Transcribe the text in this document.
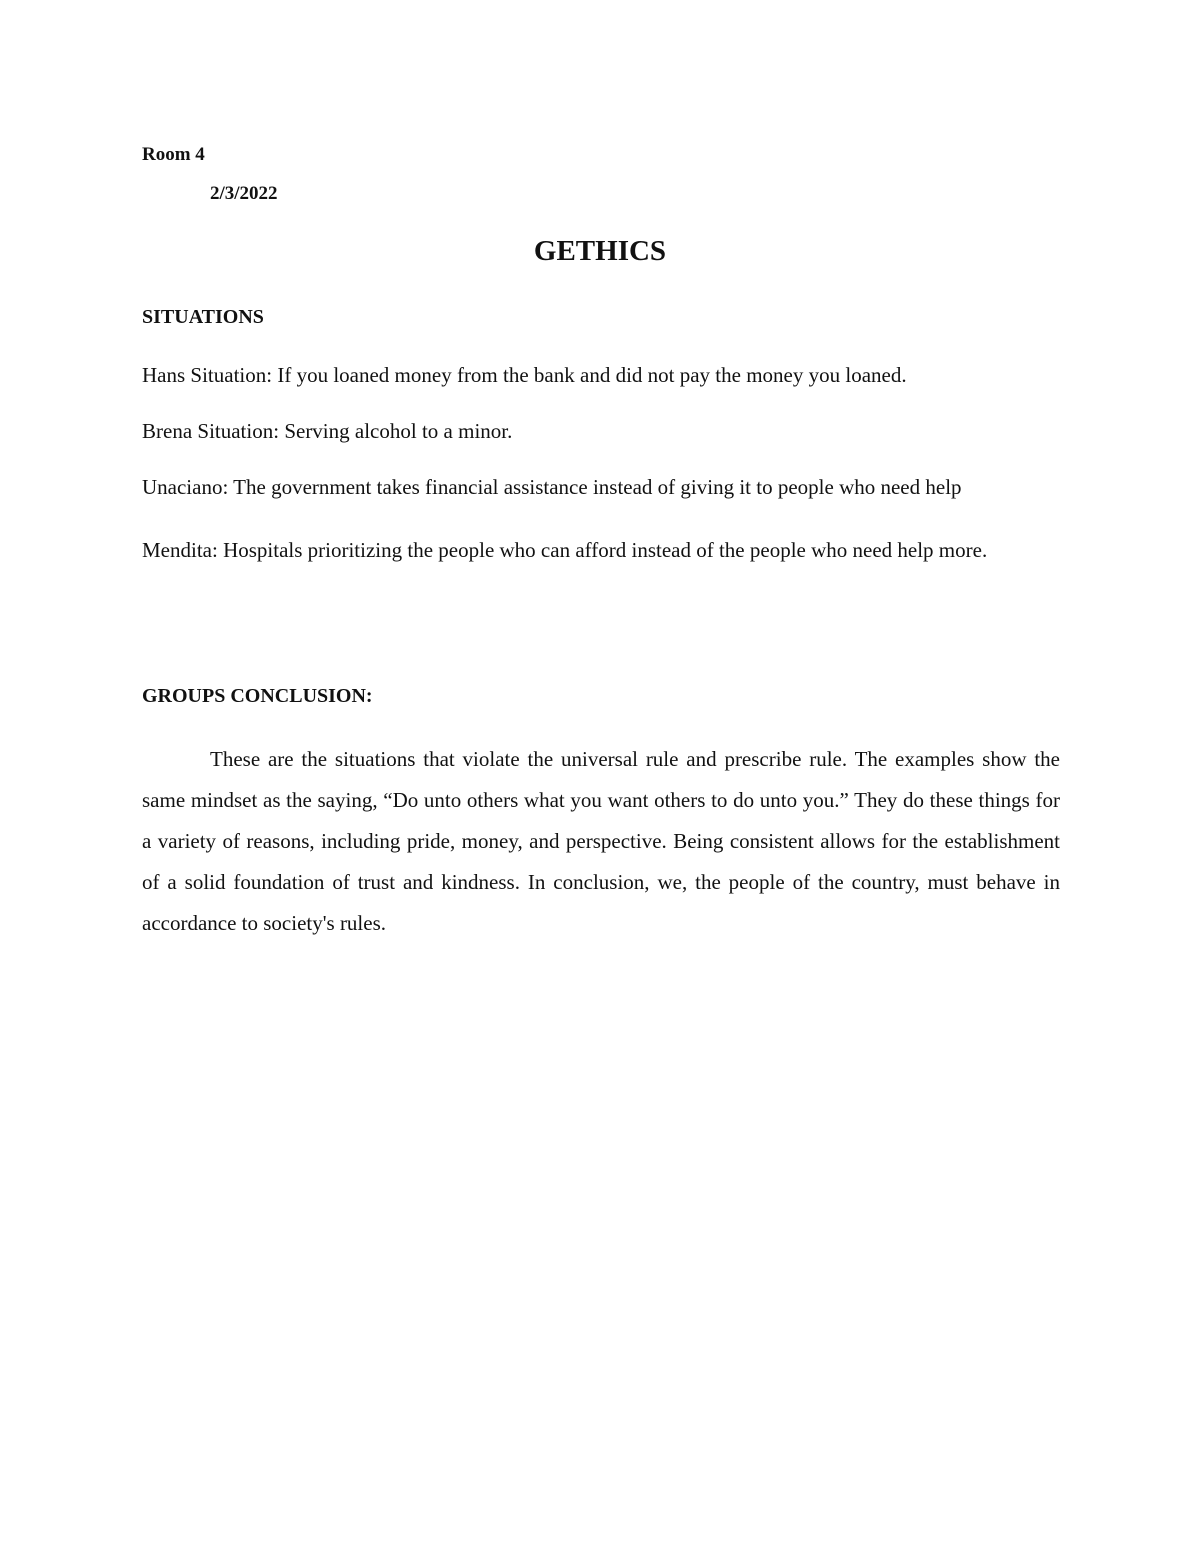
Room 4
2/3/2022
GETHICS
SITUATIONS
Hans Situation: If you loaned money from the bank and did not pay the money you loaned.
Brena Situation: Serving alcohol to a minor.
Unaciano: The government takes financial assistance instead of giving it to people who need help
Mendita: Hospitals prioritizing the people who can afford instead of the people who need help more.
GROUPS CONCLUSION:
These are the situations that violate the universal rule and prescribe rule. The examples show the same mindset as the saying, “Do unto others what you want others to do unto you.” They do these things for a variety of reasons, including pride, money, and perspective. Being consistent allows for the establishment of a solid foundation of trust and kindness. In conclusion, we, the people of the country, must behave in accordance to society's rules.
